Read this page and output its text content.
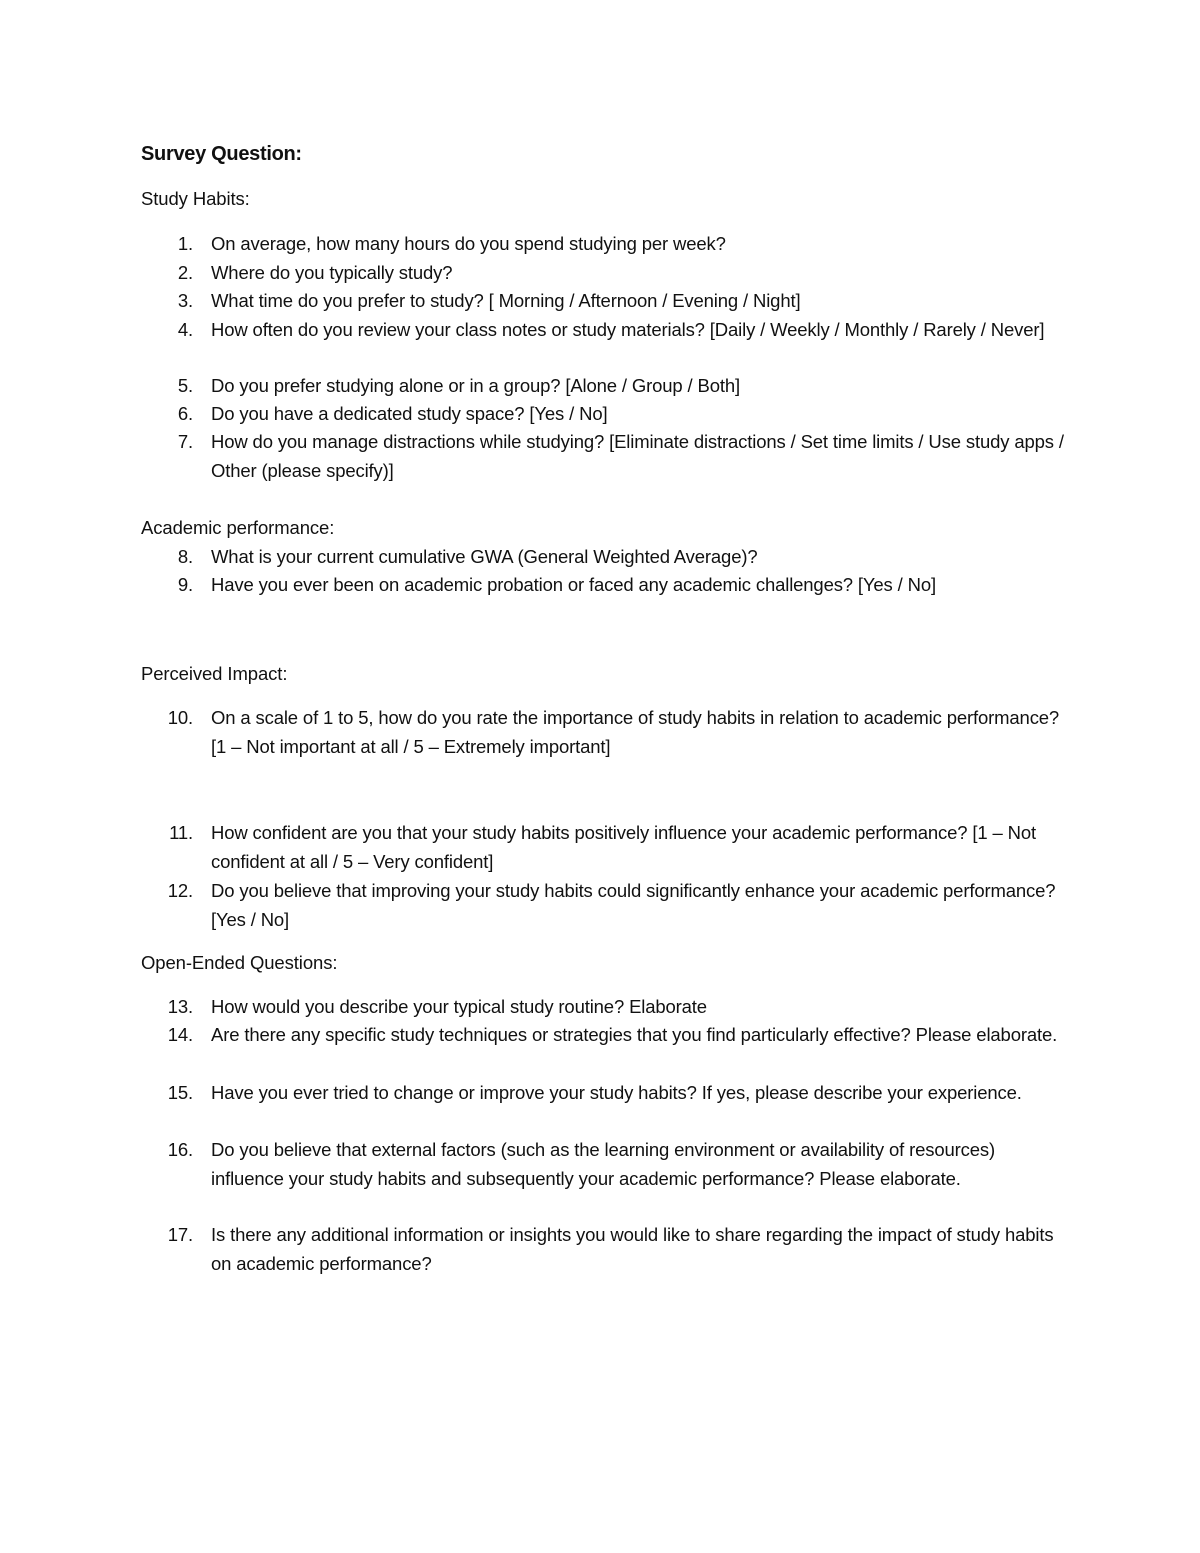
Survey Question:
Study Habits:
1. On average, how many hours do you spend studying per week?
2. Where do you typically study?
3. What time do you prefer to study? [ Morning / Afternoon / Evening / Night]
4. How often do you review your class notes or study materials? [Daily / Weekly / Monthly / Rarely / Never]
5. Do you prefer studying alone or in a group? [Alone / Group / Both]
6. Do you have a dedicated study space? [Yes / No]
7. How do you manage distractions while studying? [Eliminate distractions / Set time limits / Use study apps / Other (please specify)]
Academic performance:
8. What is your current cumulative GWA (General Weighted Average)?
9. Have you ever been on academic probation or faced any academic challenges? [Yes / No]
Perceived Impact:
10. On a scale of 1 to 5, how do you rate the importance of study habits in relation to academic performance? [1 – Not important at all / 5 – Extremely important]
11. How confident are you that your study habits positively influence your academic performance? [1 – Not confident at all / 5 – Very confident]
12. Do you believe that improving your study habits could significantly enhance your academic performance? [Yes / No]
Open-Ended Questions:
13. How would you describe your typical study routine? Elaborate
14. Are there any specific study techniques or strategies that you find particularly effective? Please elaborate.
15. Have you ever tried to change or improve your study habits? If yes, please describe your experience.
16. Do you believe that external factors (such as the learning environment or availability of resources) influence your study habits and subsequently your academic performance? Please elaborate.
17. Is there any additional information or insights you would like to share regarding the impact of study habits on academic performance?
